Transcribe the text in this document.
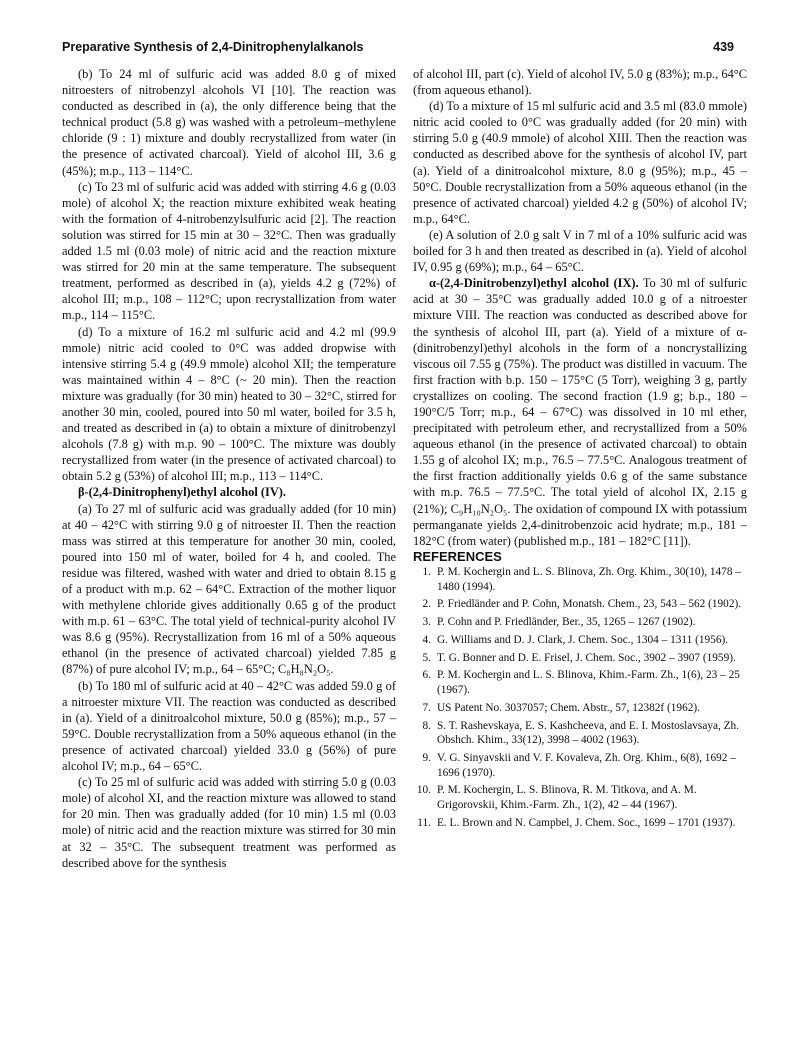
Preparative Synthesis of 2,4-Dinitrophenylalkanols	439

(b) To 24 ml of sulfuric acid was added 8.0 g of mixed nitroesters of nitrobenzyl alcohols VI [10]. The reaction was conducted as described in (a), the only difference being that the technical product (5.8 g) was washed with a petroleum–methylene chloride (9 : 1) mixture and doubly recrystallized from water (in the presence of activated charcoal). Yield of alcohol III, 3.6 g (45%); m.p., 113 – 114°C.

(c) To 23 ml of sulfuric acid was added with stirring 4.6 g (0.03 mole) of alcohol X; the reaction mixture exhibited weak heating with the formation of 4-nitrobenzylsulfuric acid [2]. The reaction solution was stirred for 15 min at 30 – 32°C. Then was gradually added 1.5 ml (0.03 mole) of nitric acid and the reaction mixture was stirred for 20 min at the same temperature. The subsequent treatment, performed as described in (a), yields 4.2 g (72%) of alcohol III; m.p., 108 – 112°C; upon recrystallization from water m.p., 114 – 115°C.

(d) To a mixture of 16.2 ml sulfuric acid and 4.2 ml (99.9 mmole) nitric acid cooled to 0°C was added dropwise with intensive stirring 5.4 g (49.9 mmole) alcohol XII; the temperature was maintained within 4 – 8°C (~ 20 min). Then the reaction mixture was gradually (for 30 min) heated to 30 – 32°C, stirred for another 30 min, cooled, poured into 50 ml water, boiled for 3.5 h, and treated as described in (a) to obtain a mixture of dinitrobenzyl alcohols (7.8 g) with m.p. 90 – 100°C. The mixture was doubly recrystallized from water (in the presence of activated charcoal) to obtain 5.2 g (53%) of alcohol III; m.p., 113 – 114°C.

β-(2,4-Dinitrophenyl)ethyl alcohol (IV).

(a) To 27 ml of sulfuric acid was gradually added (for 10 min) at 40 – 42°C with stirring 9.0 g of nitroester II. Then the reaction mass was stirred at this temperature for another 30 min, cooled, poured into 150 ml of water, boiled for 4 h, and cooled. The residue was filtered, washed with water and dried to obtain 8.15 g of a product with m.p. 62 – 64°C. Extraction of the mother liquor with methylene chloride gives additionally 0.65 g of the product with m.p. 61 – 63°C. The total yield of technical-purity alcohol IV was 8.6 g (95%). Recrystallization from 16 ml of a 50% aqueous ethanol (in the presence of activated charcoal) yielded 7.85 g (87%) of pure alcohol IV; m.p., 64 – 65°C; C₈H₈N₂O₅.

(b) To 180 ml of sulfuric acid at 40 – 42°C was added 59.0 g of a nitroester mixture VII. The reaction was conducted as described in (a). Yield of a dinitroalcohol mixture, 50.0 g (85%); m.p., 57 – 59°C. Double recrystallization from a 50% aqueous ethanol (in the presence of activated charcoal) yielded 33.0 g (56%) of pure alcohol IV; m.p., 64 – 65°C.

(c) To 25 ml of sulfuric acid was added with stirring 5.0 g (0.03 mole) of alcohol XI, and the reaction mixture was allowed to stand for 20 min. Then was gradually added (for 10 min) 1.5 ml (0.03 mole) of nitric acid and the reaction mixture was stirred for 30 min at 32 – 35°C. The subsequent treatment was performed as described above for the synthesis

of alcohol III, part (c). Yield of alcohol IV, 5.0 g (83%); m.p., 64°C (from aqueous ethanol).

(d) To a mixture of 15 ml sulfuric acid and 3.5 ml (83.0 mmole) nitric acid cooled to 0°C was gradually added (for 20 min) with stirring 5.0 g (40.9 mmole) of alcohol XIII. Then the reaction was conducted as described above for the synthesis of alcohol IV, part (a). Yield of a dinitroalcohol mixture, 8.0 g (95%); m.p., 45 – 50°C. Double recrystallization from a 50% aqueous ethanol (in the presence of activated charcoal) yielded 4.2 g (50%) of alcohol IV; m.p., 64°C.

(e) A solution of 2.0 g salt V in 7 ml of a 10% sulfuric acid was boiled for 3 h and then treated as described in (a). Yield of alcohol IV, 0.95 g (69%); m.p., 64 – 65°C.

α-(2,4-Dinitrobenzyl)ethyl alcohol (IX). To 30 ml of sulfuric acid at 30 – 35°C was gradually added 10.0 g of a nitroester mixture VIII. The reaction was conducted as described above for the synthesis of alcohol III, part (a). Yield of a mixture of α-(dinitrobenzyl)ethyl alcohols in the form of a noncrystallizing viscous oil 7.55 g (75%). The product was distilled in vacuum. The first fraction with b.p. 150 – 175°C (5 Torr), weighing 3 g, partly crystallizes on cooling. The second fraction (1.9 g; b.p., 180 – 190°C/5 Torr; m.p., 64 – 67°C) was dissolved in 10 ml ether, precipitated with petroleum ether, and recrystallized from a 50% aqueous ethanol (in the presence of activated charcoal) to obtain 1.55 g of alcohol IX; m.p., 76.5 – 77.5°C. Analogous treatment of the first fraction additionally yields 0.6 g of the same substance with m.p. 76.5 – 77.5°C. The total yield of alcohol IX, 2.15 g (21%); C₉H₁₀N₂O₅. The oxidation of compound IX with potassium permanganate yields 2,4-dinitrobenzoic acid hydrate; m.p., 181 – 182°C (from water) (published m.p., 181 – 182°C [11]).

REFERENCES

1. P. M. Kochergin and L. S. Blinova, Zh. Org. Khim., 30(10), 1478 – 1480 (1994).
2. P. Friedländer and P. Cohn, Monatsh. Chem., 23, 543 – 562 (1902).
3. P. Cohn and P. Friedländer, Ber., 35, 1265 – 1267 (1902).
4. G. Williams and D. J. Clark, J. Chem. Soc., 1304 – 1311 (1956).
5. T. G. Bonner and D. E. Frisel, J. Chem. Soc., 3902 – 3907 (1959).
6. P. M. Kochergin and L. S. Blinova, Khim.-Farm. Zh., 1(6), 23 – 25 (1967).
7. US Patent No. 3037057; Chem. Abstr., 57, 12382f (1962).
8. S. T. Rashevskaya, E. S. Kashcheeva, and E. I. Mostoslavsaya, Zh. Obshch. Khim., 33(12), 3998 – 4002 (1963).
9. V. G. Sinyavskii and V. F. Kovaleva, Zh. Org. Khim., 6(8), 1692 – 1696 (1970).
10. P. M. Kochergin, L. S. Blinova, R. M. Titkova, and A. M. Grigorovskii, Khim.-Farm. Zh., 1(2), 42 – 44 (1967).
11. E. L. Brown and N. Campbel, J. Chem. Soc., 1699 – 1701 (1937).
